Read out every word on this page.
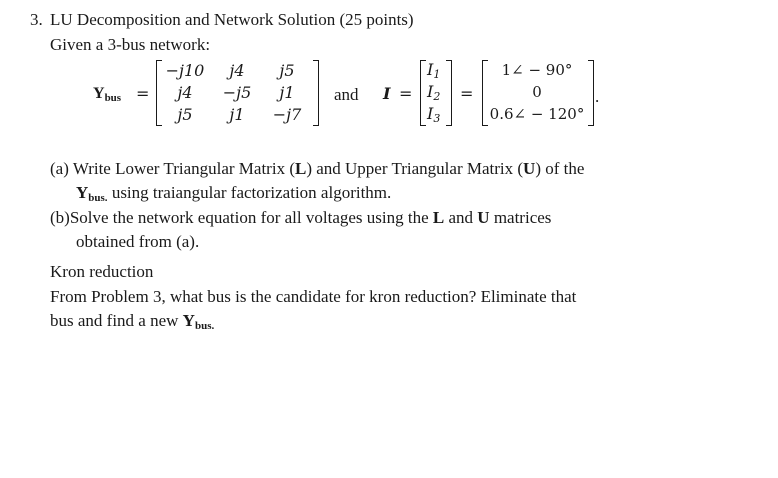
3. LU Decomposition and Network Solution (25 points)
Given a 3-bus network:
Ybus =
−j10	j4	j5
j4	−j5	j1
j5	j1	−j7
and I =
I1
I2
I3
=
1∠ − 90°
0
0.6∠ − 120°
.
(a) Write Lower Triangular Matrix (L) and Upper Triangular Matrix (U) of the
Ybus. using traiangular factorization algorithm.
(b)Solve the network equation for all voltages using the L and U matrices
obtained from (a).
Kron reduction
From Problem 3, what bus is the candidate for kron reduction? Eliminate that
bus and find a new Ybus.
